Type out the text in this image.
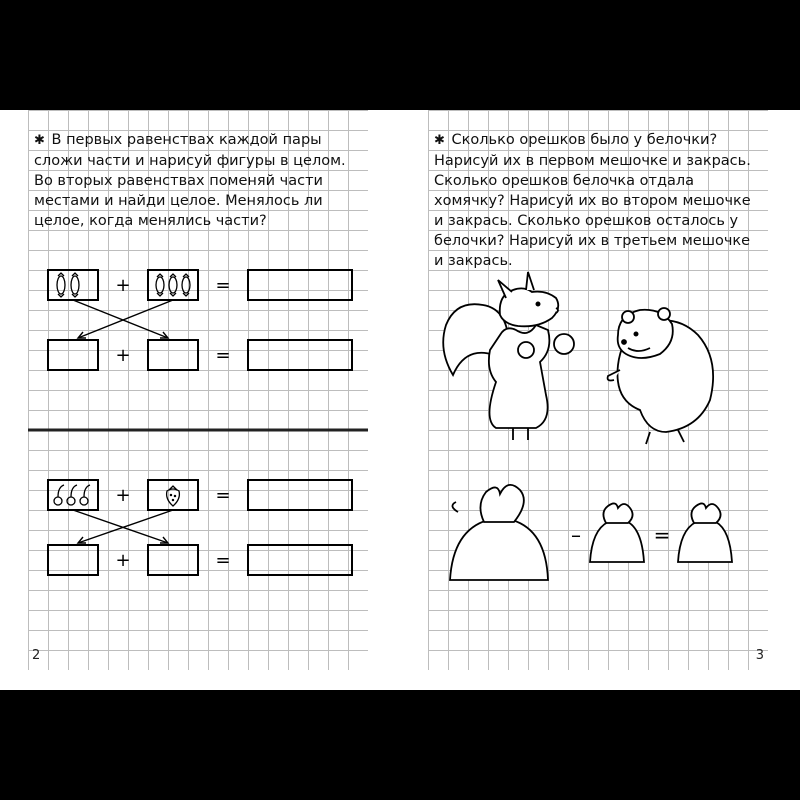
✱ В первых равенствах каждой пары сложи части и нарисуй фигуры в целом. Во вторых равенствах поменяй части местами и найди целое. Менялось ли целое, когда менялись части?

+	=
+	=
+	=
+	=
2

✱ Сколько орешков было у белочки? Нарисуй их в первом мешочке и закрась. Сколько орешков белочка отдала хомячку? Нарисуй их во втором мешочке и закрась. Сколько орешков осталось у белочки? Нарисуй их в третьем мешочке и закрась.

–	=
3
